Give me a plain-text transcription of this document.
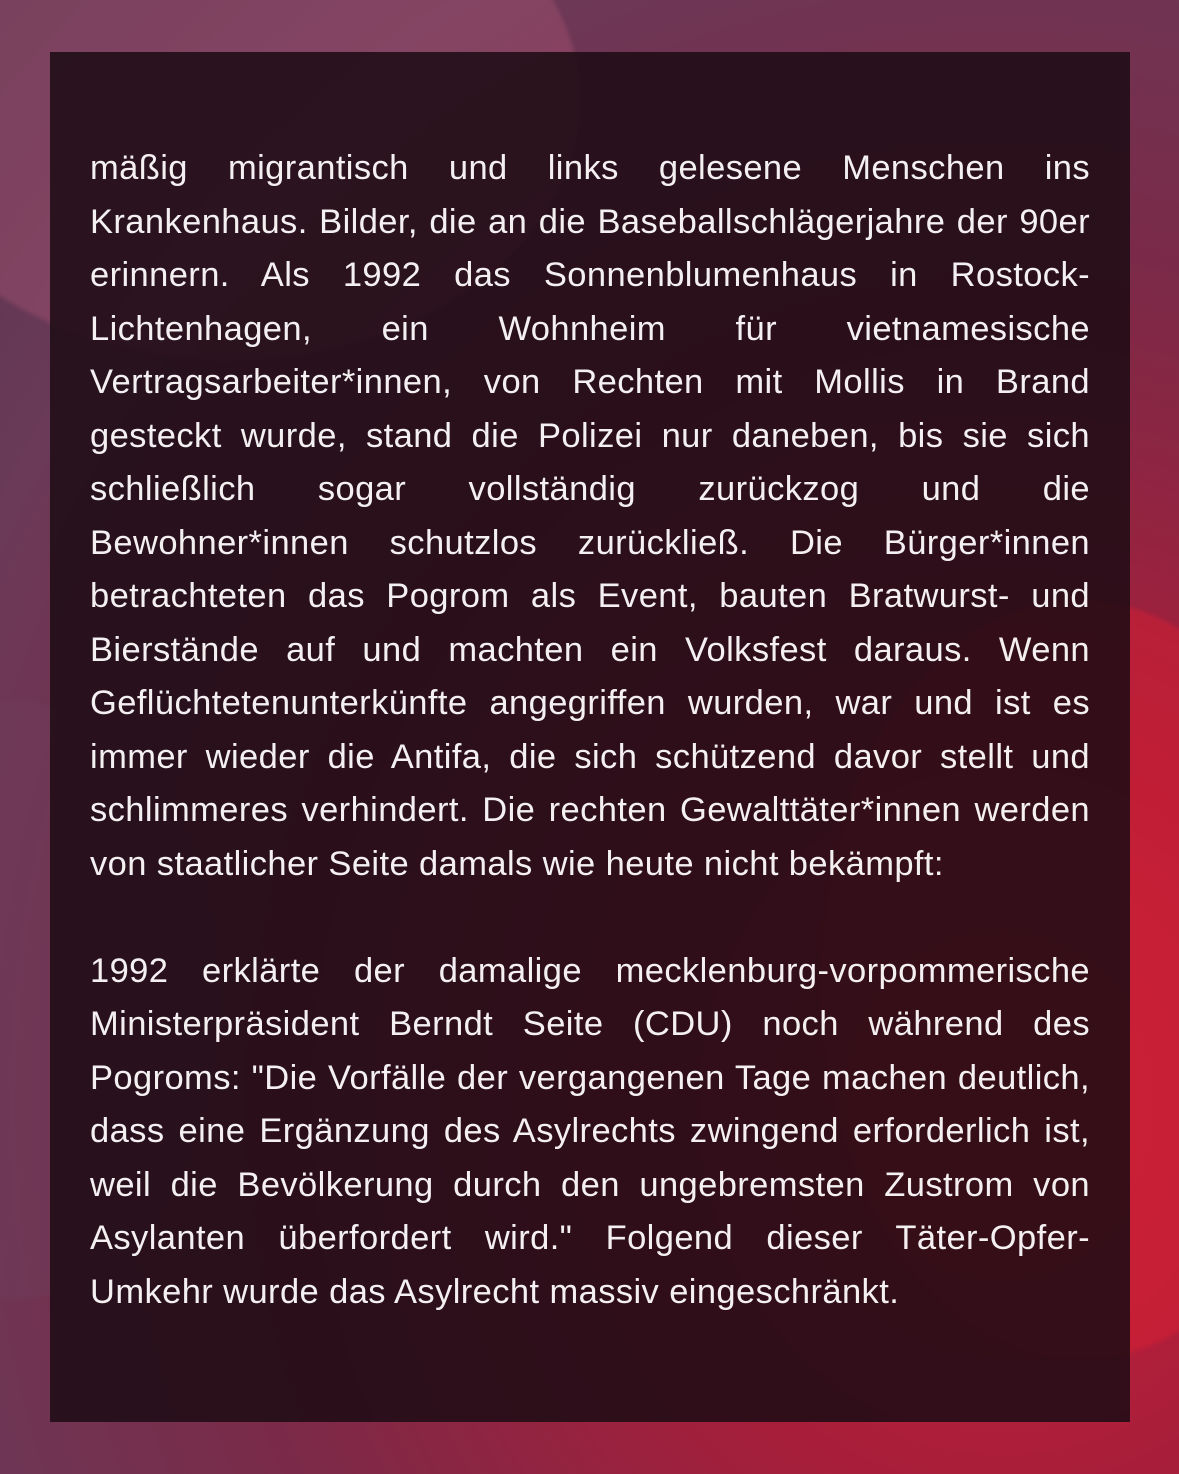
mäßig migrantisch und links gelesene Menschen ins Krankenhaus. Bilder, die an die Baseballschlägerjahre der 90er erinnern. Als 1992 das Sonnenblumenhaus in Rostock-Lichtenhagen, ein Wohnheim für vietnamesische Vertragsarbeiter*innen, von Rechten mit Mollis in Brand gesteckt wurde, stand die Polizei nur daneben, bis sie sich schließlich sogar vollständig zurückzog und die Bewohner*innen schutzlos zurückließ. Die Bürger*innen betrachteten das Pogrom als Event, bauten Bratwurst- und Bierstände auf und machten ein Volksfest daraus. Wenn Geflüchtetenunterkünfte angegriffen wurden, war und ist es immer wieder die Antifa, die sich schützend davor stellt und schlimmeres verhindert. Die rechten Gewalttäter*innen werden von staatlicher Seite damals wie heute nicht bekämpft:

1992 erklärte der damalige mecklenburg-vorpommerische Ministerpräsident Berndt Seite (CDU) noch während des Pogroms: "Die Vorfälle der vergangenen Tage machen deutlich, dass eine Ergänzung des Asylrechts zwingend erforderlich ist, weil die Bevölkerung durch den ungebremsten Zustrom von Asylanten überfordert wird." Folgend dieser Täter-Opfer-Umkehr wurde das Asylrecht massiv eingeschränkt.
